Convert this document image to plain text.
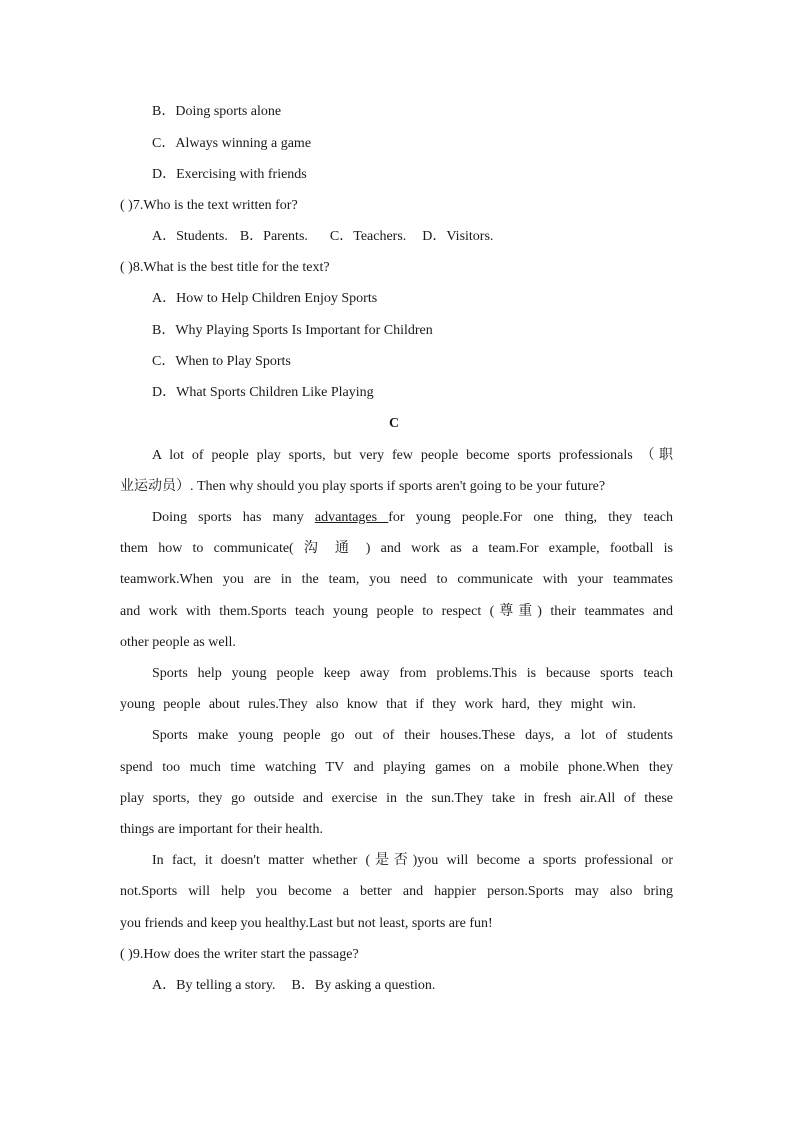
B．Doing sports alone
C．Always winning a game
D．Exercising with friends
( )7.Who is the text written for?
A．Students. B．Parents. C．Teachers. D．Visitors.
( )8.What is the best title for the text?
A．How to Help Children Enjoy Sports
B．Why Playing Sports Is Important for Children
C．When to Play Sports
D．What Sports Children Like Playing
C
A lot of people play sports, but very few people become sports professionals （职
业运动员）. Then why should you play sports if sports aren't going to be your future?
Doing sports has many advantages for young people.For one thing, they teach
them how to communicate( 沟 通 ) and work as a team.For example, football is
teamwork.When you are in the team, you need to communicate with your teammates
and work with them.Sports teach young people to respect (尊重) their teammates and
other people as well.
Sports help young people keep away from problems.This is because sports teach
young people about rules.They also know that if they work hard, they might win.
Sports make young people go out of their houses.These days, a lot of students
spend too much time watching TV and playing games on a mobile phone.When they
play sports, they go outside and exercise in the sun.They take in fresh air.All of these
things are important for their health.
In fact, it doesn't matter whether (是否)you will become a sports professional or
not.Sports will help you become a better and happier person.Sports may also bring
you friends and keep you healthy.Last but not least, sports are fun!
( )9.How does the writer start the passage?
A．By telling a story. B．By asking a question.
